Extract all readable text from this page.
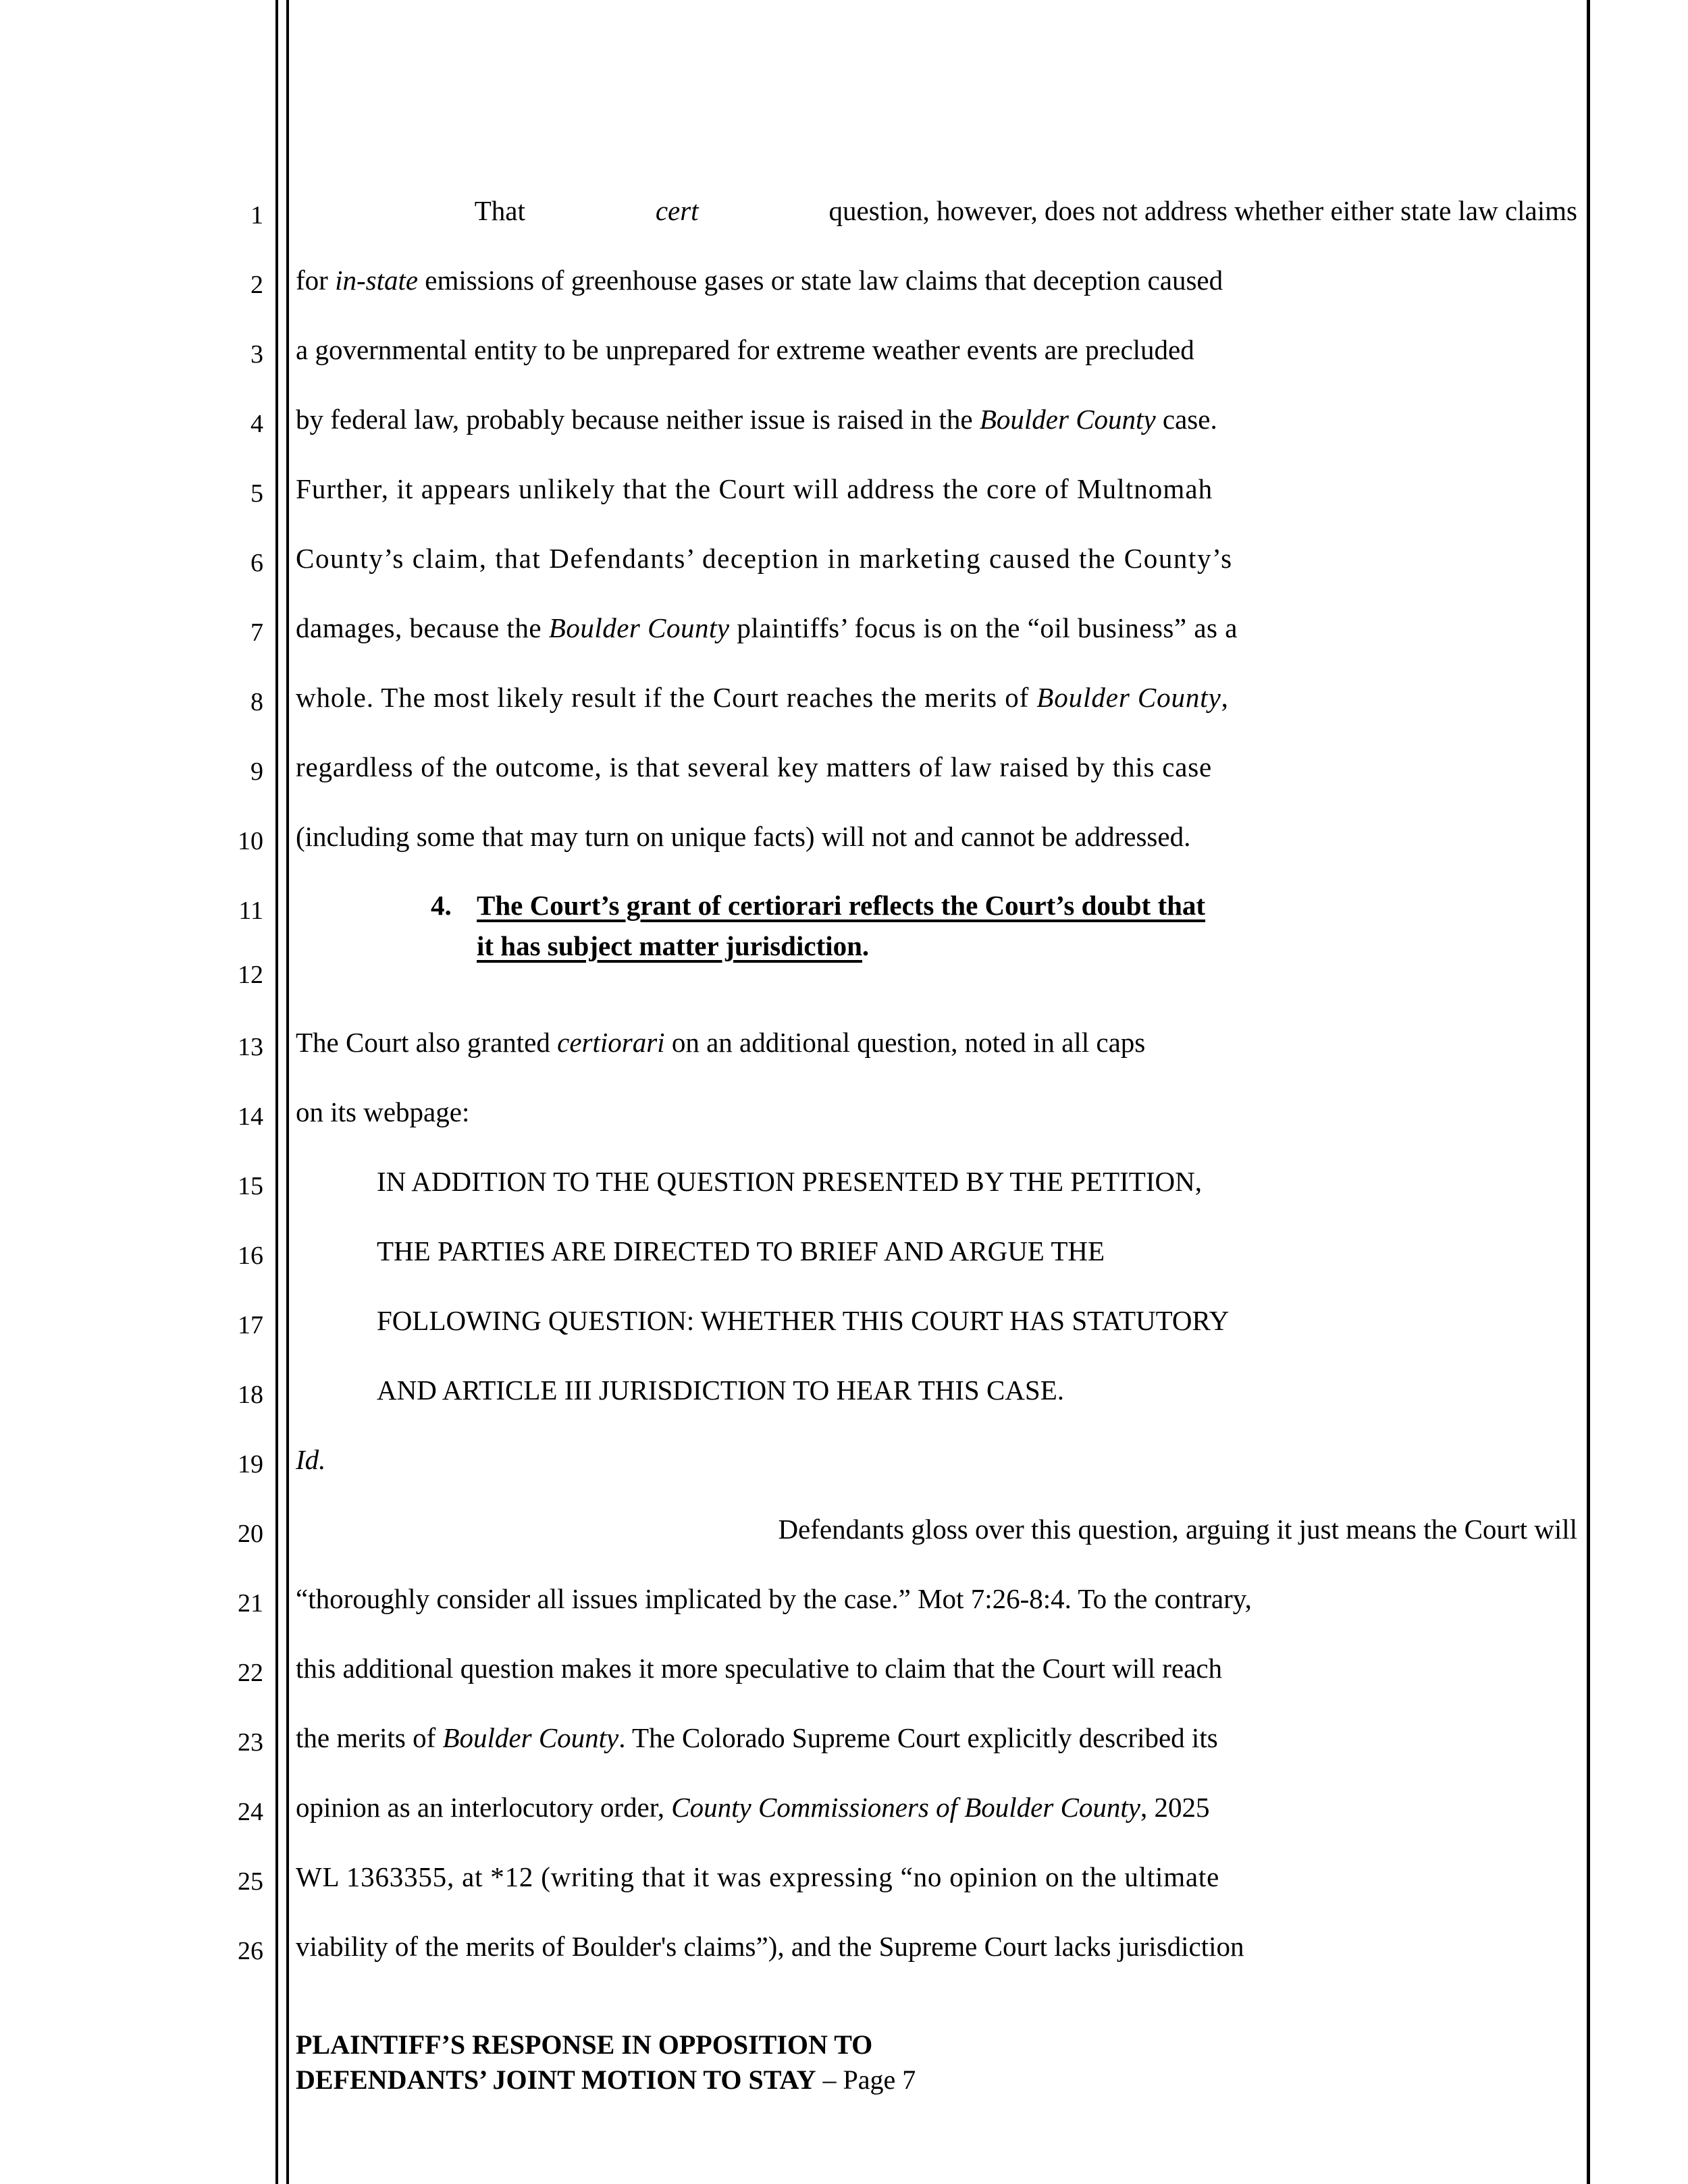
1
2
3
4
5
6
7
8
9
10
11
12
13
14
15
16
17
18
19
20
21
22
23
24
25
26

That	cert	question, however, does not address whether either state law claims
for in-state emissions of greenhouse gases or state law claims that deception caused
a governmental entity to be unprepared for extreme weather events are precluded
by federal law, probably because neither issue is raised in the Boulder County case.
Further, it appears unlikely that the Court will address the core of Multnomah
County’s claim, that Defendants’ deception in marketing caused the County’s
damages, because the Boulder County plaintiffs’ focus is on the “oil business” as a
whole. The most likely result if the Court reaches the merits of Boulder County,
regardless of the outcome, is that several key matters of law raised by this case
(including some that may turn on unique facts) will not and cannot be addressed.
4. The Court’s grant of certiorari reflects the Court’s doubt that
it has subject matter jurisdiction.
The Court also granted certiorari on an additional question, noted in all caps
on its webpage:
IN ADDITION TO THE QUESTION PRESENTED BY THE PETITION,
THE PARTIES ARE DIRECTED TO BRIEF AND ARGUE THE
FOLLOWING QUESTION: WHETHER THIS COURT HAS STATUTORY
AND ARTICLE III JURISDICTION TO HEAR THIS CASE.
Id.

Defendants gloss over this question, arguing it just means the Court will
“thoroughly consider all issues implicated by the case.” Mot 7:26-8:4. To the contrary,
this additional question makes it more speculative to claim that the Court will reach
the merits of Boulder County. The Colorado Supreme Court explicitly described its
opinion as an interlocutory order, County Commissioners of Boulder County, 2025
WL 1363355, at *12 (writing that it was expressing “no opinion on the ultimate
viability of the merits of Boulder's claims”), and the Supreme Court lacks jurisdiction
PLAINTIFF’S RESPONSE IN OPPOSITION TO
DEFENDANTS’ JOINT MOTION TO STAY – Page 7
